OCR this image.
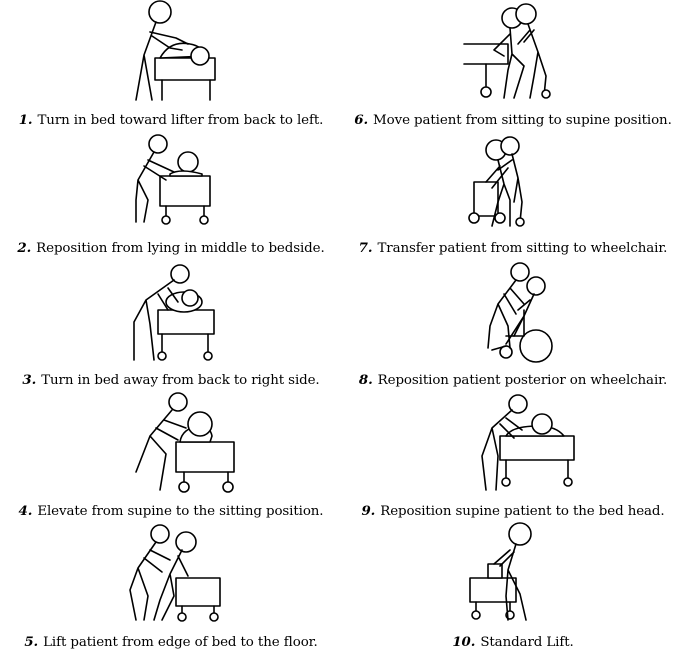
1. Turn in bed toward lifter from back to left.
2. Reposition from lying in middle to bedside.
3. Turn in bed away from back to right side.
4. Elevate from supine to the sitting position.
5. Lift patient from edge of bed to the floor.
6. Move patient from sitting to supine position.
7. Transfer patient from sitting to wheelchair.
8. Reposition patient posterior on wheelchair.
9. Reposition supine patient to the bed head.
10. Standard Lift.
